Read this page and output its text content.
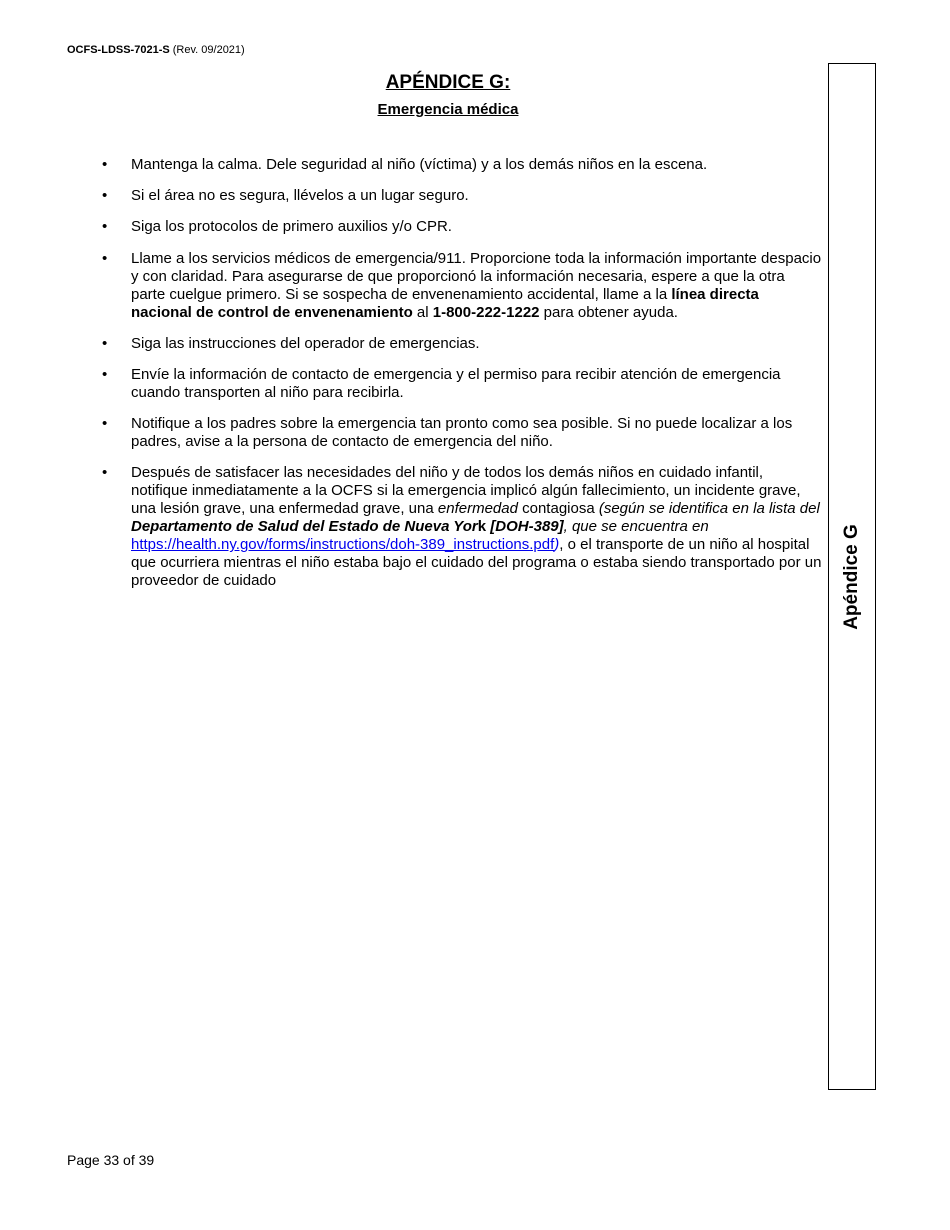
OCFS-LDSS-7021-S (Rev. 09/2021)
APÉNDICE G:
Emergencia médica
Apéndice G
• Mantenga la calma. Dele seguridad al niño (víctima) y a los demás niños en la escena.
• Si el área no es segura, llévelos a un lugar seguro.
• Siga los protocolos de primero auxilios y/o CPR.
• Llame a los servicios médicos de emergencia/911. Proporcione toda la información importante despacio y con claridad. Para asegurarse de que proporcionó la información necesaria, espere a que la otra parte cuelgue primero. Si se sospecha de envenenamiento accidental, llame a la línea directa nacional de control de envenenamiento al 1-800-222-1222 para obtener ayuda.
• Siga las instrucciones del operador de emergencias.
• Envíe la información de contacto de emergencia y el permiso para recibir atención de emergencia cuando transporten al niño para recibirla.
• Notifique a los padres sobre la emergencia tan pronto como sea posible. Si no puede localizar a los padres, avise a la persona de contacto de emergencia del niño.
• Después de satisfacer las necesidades del niño y de todos los demás niños en cuidado infantil, notifique inmediatamente a la OCFS si la emergencia implicó algún fallecimiento, un incidente grave, una lesión grave, una enfermedad grave, una enfermedad contagiosa (según se identifica en la lista del Departamento de Salud del Estado de Nueva York [DOH-389], que se encuentra en https://health.ny.gov/forms/instructions/doh-389_instructions.pdf), o el transporte de un niño al hospital que ocurriera mientras el niño estaba bajo el cuidado del programa o estaba siendo transportado por un proveedor de cuidado
Page 33 of 39
